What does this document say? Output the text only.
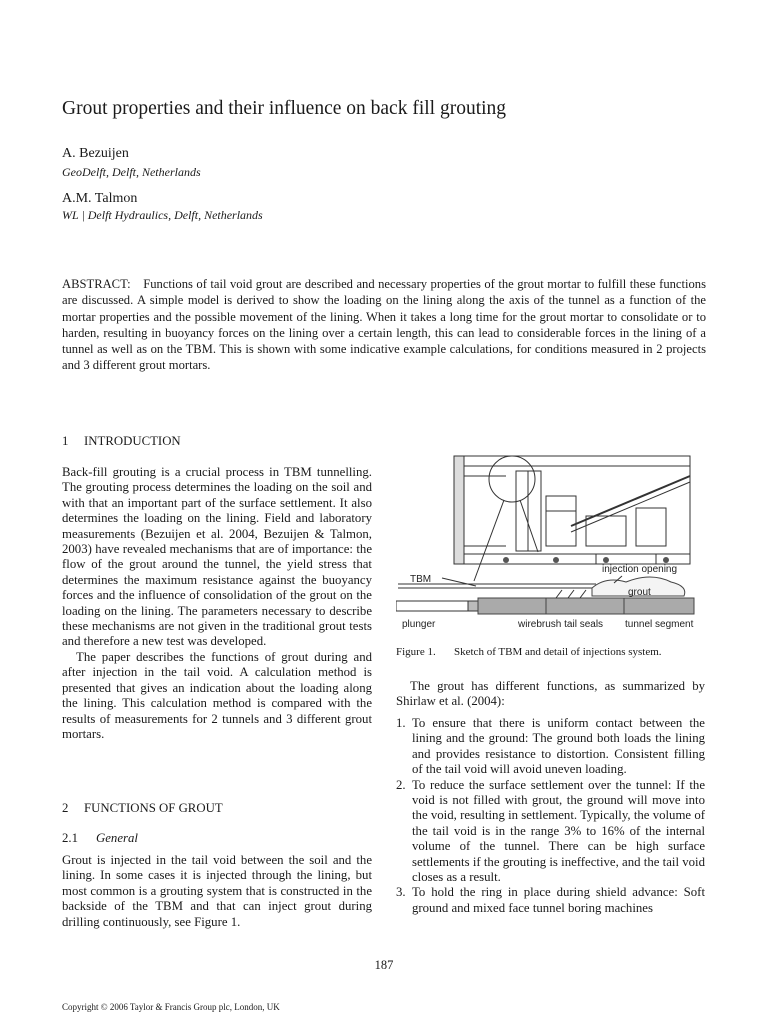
Grout properties and their influence on back fill grouting
A. Bezuijen
GeoDelft, Delft, Netherlands
A.M. Talmon
WL | Delft Hydraulics, Delft, Netherlands

ABSTRACT: Functions of tail void grout are described and necessary properties of the grout mortar to fulfill these functions are discussed. A simple model is derived to show the loading on the lining along the axis of the tunnel as a function of the mortar properties and the possible movement of the lining. When it takes a long time for the grout mortar to consolidate or to harden, resulting in buoyancy forces on the lining over a certain length, this can lead to considerable forces in the lining of a tunnel as well as on the TBM. This is shown with some indicative example calculations, for conditions measured in 2 projects and 3 different grout mortars.

1 INTRODUCTION

Back-fill grouting is a crucial process in TBM tunnelling. The grouting process determines the loading on the soil and with that an important part of the surface settlement. It also determines the loading on the lining. Field and laboratory measurements (Bezuijen et al. 2004, Bezuijen & Talmon, 2003) have revealed mechanisms that are of importance: the flow of the grout around the tunnel, the yield stress that determines the maximum resistance against the buoyancy forces and the influence of consolidation of the grout on the loading on the lining. The parameters necessary to describe these mechanisms are not given in the traditional grout tests and therefore a new test was developed.

The paper describes the functions of grout during and after injection in the tail void. A calculation method is presented that gives an indication about the loading along the lining. This calculation method is compared with the results of measurements for 2 tunnels and 3 different grout mortars.

2 FUNCTIONS OF GROUT
2.1 General

Grout is injected in the tail void between the soil and the lining. In some cases it is injected through the lining, but most common is a grouting system that is constructed in the backside of the TBM and that can inject grout during drilling continuously, see Figure 1.

TBM
injection opening
grout
plunger	wirebrush tail seals tunnel segment
Figure 1. Sketch of TBM and detail of injections system.

The grout has different functions, as summarized by Shirlaw et al. (2004):

1. To ensure that there is uniform contact between the lining and the ground: The ground both loads the lining and provides resistance to distortion. Consistent filling of the tail void will avoid uneven loading.
2. To reduce the surface settlement over the tunnel: If the void is not filled with grout, the ground will move into the void, resulting in settlement. Typically, the volume of the tail void is in the range 3% to 16% of the internal volume of the tunnel. There can be high surface settlements if the grouting is ineffective, and the tail void closes as a result.
3. To hold the ring in place during shield advance: Soft ground and mixed face tunnel boring machines
187
Copyright © 2006 Taylor & Francis Group plc, London, UK
